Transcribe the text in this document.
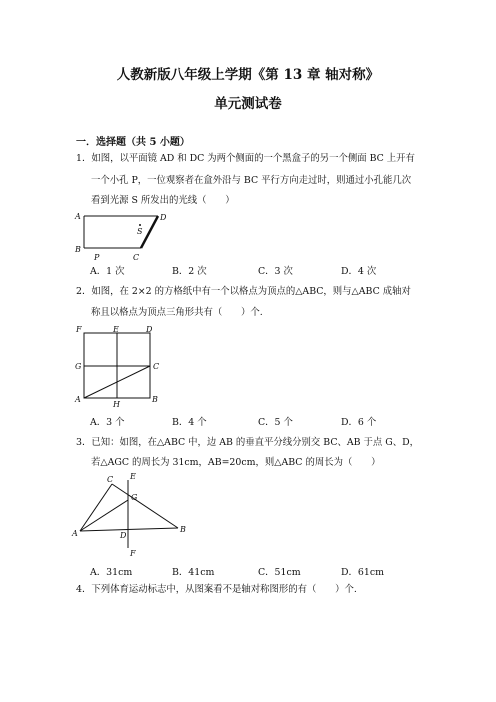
人教新版八年级上学期《第 13 章 轴对称》
单元测试卷
一．选择题（共 5 小题）
1．如图，以平面镜 AD 和 DC 为两个侧面的一个黑盒子的另一个侧面 BC 上开有
一个小孔 P，一位观察者在盒外沿与 BC 平行方向走过时，则通过小孔能几次
看到光源 S 所发出的光线（　　）
A	D
B
P	C
S
A．1 次	B．2 次	C．3 次	D．4 次
2．如图，在 2×2 的方格纸中有一个以格点为顶点的△ABC，则与△ABC 成轴对
称且以格点为顶点三角形共有（　　）个.
F	E	D
G	C
A
H
B
A．3 个	B．4 个	C．5 个	D．6 个
3．已知：如图，在△ABC 中，边 AB 的垂直平分线分别交 BC、AB 于点 G、D，
若△AGC 的周长为 31cm，AB=20cm，则△ABC 的周长为（　　）
C E
G
A	D
B
F
A．31cm	B．41cm	C．51cm	D．61cm
4．下列体育运动标志中，从图案看不是轴对称图形的有（　　）个.
